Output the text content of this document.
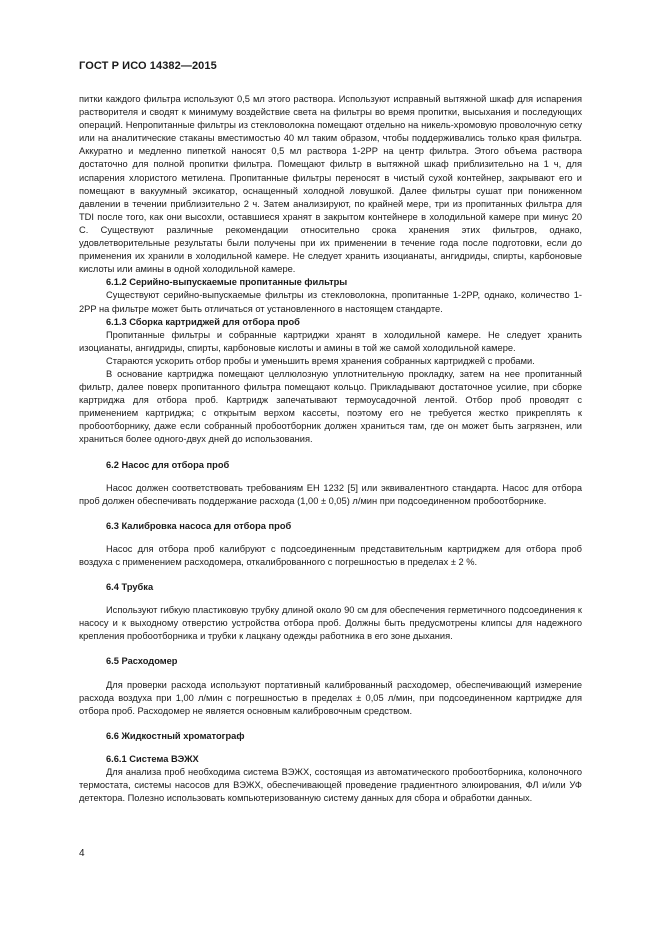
ГОСТ Р ИСО 14382—2015

питки каждого фильтра используют 0,5 мл этого раствора. Используют исправный вытяжной шкаф для испарения растворителя и сводят к минимуму воздействие света на фильтры во время пропитки, высыхания и последующих операций. Непропитанные фильтры из стекловолокна помещают отдельно на никель-хромовую проволочную сетку или на аналитические стаканы вместимостью 40 мл таким образом, чтобы поддерживались только края фильтра. Аккуратно и медленно пипеткой наносят 0,5 мл раствора 1-2PP на центр фильтра. Этого объема раствора достаточно для полной пропитки фильтра. Помещают фильтр в вытяжной шкаф приблизительно на 1 ч, для испарения хлористого метилена. Пропитанные фильтры переносят в чистый сухой контейнер, закрывают его и помещают в вакуумный эксикатор, оснащенный холодной ловушкой. Далее фильтры сушат при пониженном давлении в течении приблизительно 2 ч. Затем анализируют, по крайней мере, три из пропитанных фильтра для TDI после того, как они высохли, оставшиеся хранят в закрытом контейнере в холодильной камере при минус 20 С. Существуют различные рекомендации относительно срока хранения этих фильтров, однако, удовлетворительные результаты были получены при их применении в течение года после подготовки, если до применения их хранили в холодильной камере. Не следует хранить изоцианаты, ангидриды, спирты, карбоновые кислоты или амины в одной холодильной камере.

6.1.2 Серийно-выпускаемые пропитанные фильтры

Существуют серийно-выпускаемые фильтры из стекловолокна, пропитанные 1-2PP, однако, количество 1-2PP на фильтре может быть отличаться от установленного в настоящем стандарте.

6.1.3 Сборка картриджей для отбора проб

Пропитанные фильтры и собранные картриджи хранят в холодильной камере. Не следует хранить изоцианаты, ангидриды, спирты, карбоновые кислоты и амины в той же самой холодильной камере.

Стараются ускорить отбор пробы и уменьшить время хранения собранных картриджей с пробами.

В основание картриджа помещают целлюлозную уплотнительную прокладку, затем на нее пропитанный фильтр, далее поверх пропитанного фильтра помещают кольцо. Прикладывают достаточное усилие, при сборке картриджа для отбора проб. Картридж запечатывают термоусадочной лентой. Отбор проб проводят с применением картриджа; с открытым верхом кассеты, поэтому его не требуется жестко прикреплять к пробоотборнику, даже если собранный пробоотборник должен храниться там, где он может быть загрязнен, или храниться более одного-двух дней до использования.

6.2 Насос для отбора проб

Насос должен соответствовать требованиям ЕН 1232 [5] или эквивалентного стандарта. Насос для отбора проб должен обеспечивать поддержание расхода (1,00 ± 0,05) л/мин при подсоединенном пробоотборнике.

6.3 Калибровка насоса для отбора проб

Насос для отбора проб калибруют с подсоединенным представительным картриджем для отбора проб воздуха с применением расходомера, откалиброванного с погрешностью в пределах ± 2 %.

6.4 Трубка

Используют гибкую пластиковую трубку длиной около 90 см для обеспечения герметичного подсоединения к насосу и к выходному отверстию устройства отбора проб. Должны быть предусмотрены клипсы для надежного крепления пробоотборника и трубки к лацкану одежды работника в его зоне дыхания.

6.5 Расходомер

Для проверки расхода используют портативный калиброванный расходомер, обеспечивающий измерение расхода воздуха при 1,00 л/мин с погрешностью в пределах ± 0,05 л/мин, при подсоединенном картридже для отбора проб. Расходомер не является основным калибровочным средством.

6.6 Жидкостный хроматограф

6.6.1 Система ВЭЖХ

Для анализа проб необходима система ВЭЖХ, состоящая из автоматического пробоотборника, колоночного термостата, системы насосов для ВЭЖХ, обеспечивающей проведение градиентного элюирования, ФЛ и/или УФ детектора. Полезно использовать компьютеризованную систему данных для сбора и обработки данных.

4
